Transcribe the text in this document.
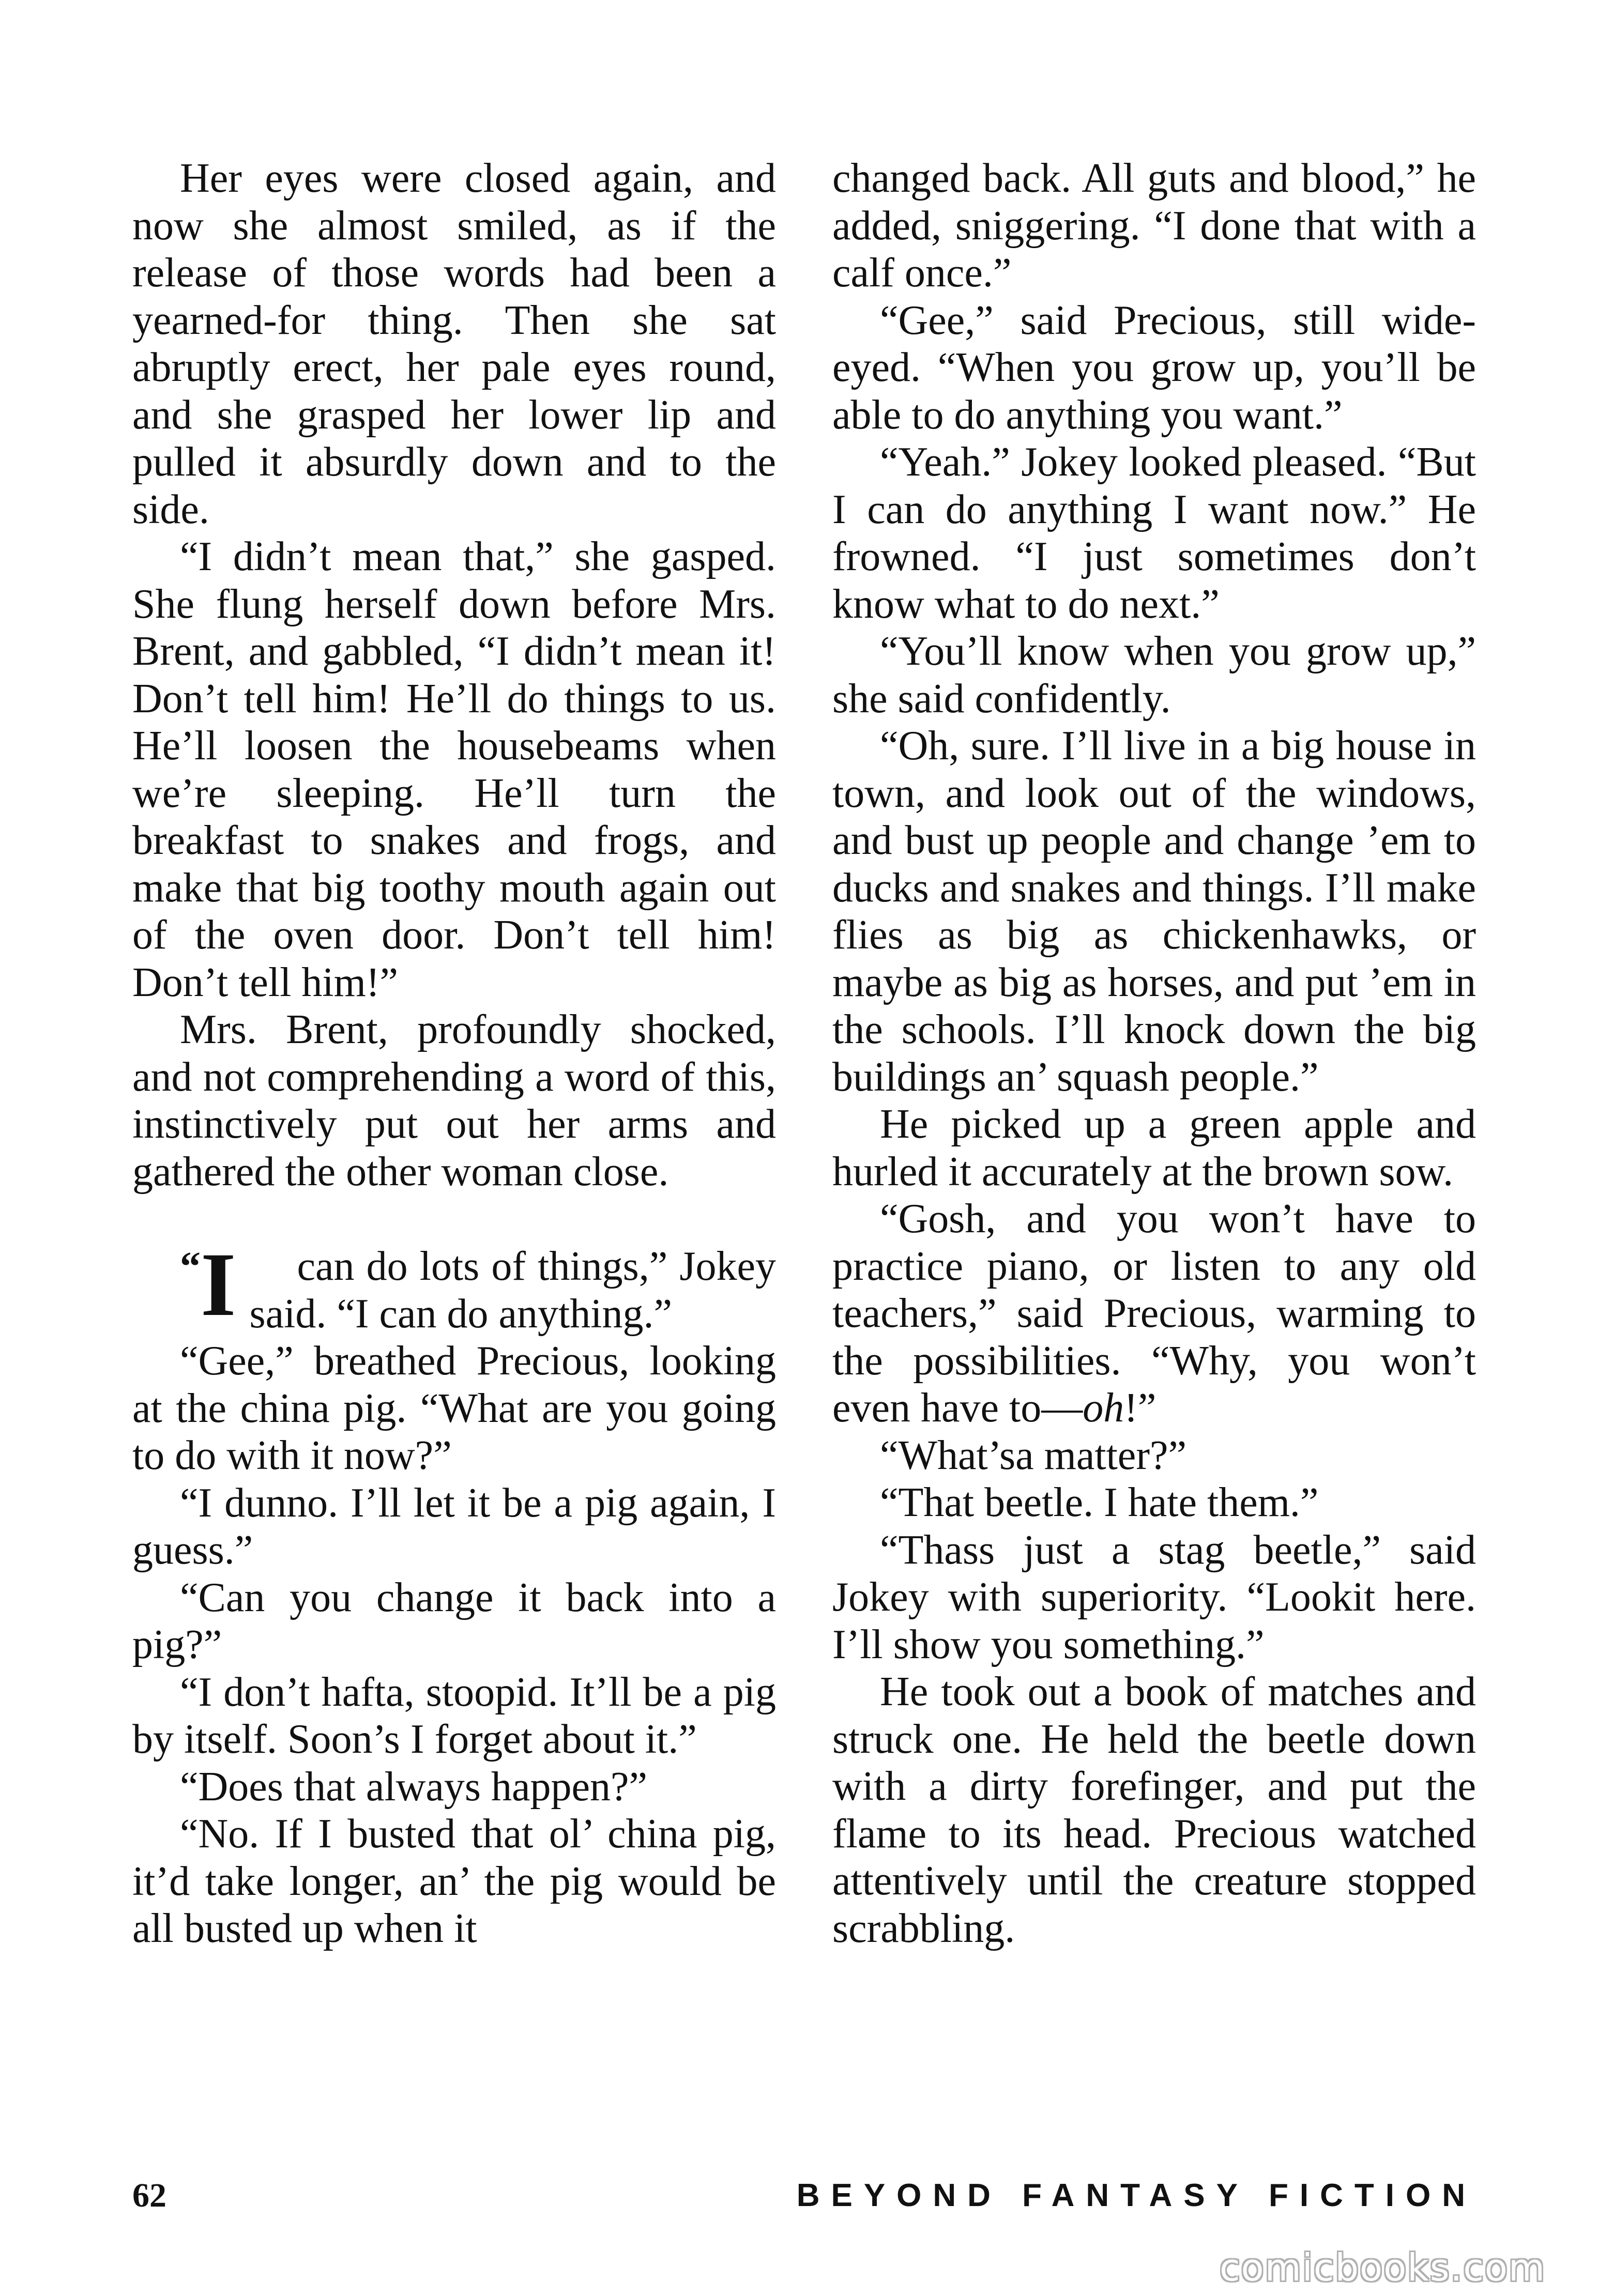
Her eyes were closed again, and now she almost smiled, as if the release of those words had been a yearned-for thing. Then she sat abruptly erect, her pale eyes round, and she grasped her lower lip and pulled it absurdly down and to the side.

“I didn’t mean that,” she gasped. She flung herself down before Mrs. Brent, and gabbled, “I didn’t mean it! Don’t tell him! He’ll do things to us. He’ll loosen the housebeams when we’re sleeping. He’ll turn the breakfast to snakes and frogs, and make that big toothy mouth again out of the oven door. Don’t tell him! Don’t tell him!”

Mrs. Brent, profoundly shocked, and not comprehending a word of this, instinctively put out her arms and gathered the other woman close.

“I	can do lots of things,” Jokey said. “I can do anything.”

“Gee,” breathed Precious, looking at the china pig. “What are you going to do with it now?”

“I dunno. I’ll let it be a pig again, I guess.”

“Can you change it back into a pig?”

“I don’t hafta, stoopid. It’ll be a pig by itself. Soon’s I forget about it.”

“Does that always happen?”

“No. If I busted that ol’ china pig, it’d take longer, an’ the pig would be all busted up when it

changed back. All guts and blood,” he added, sniggering. “I done that with a calf once.”

“Gee,” said Precious, still wide-eyed. “When you grow up, you’ll be able to do anything you want.”

“Yeah.” Jokey looked pleased. “But I can do anything I want now.” He frowned. “I just sometimes don’t know what to do next.”

“You’ll know when you grow up,” she said confidently.

“Oh, sure. I’ll live in a big house in town, and look out of the windows, and bust up people and change ’em to ducks and snakes and things. I’ll make flies as big as chickenhawks, or maybe as big as horses, and put ’em in the schools. I’ll knock down the big buildings an’ squash people.”

He picked up a green apple and hurled it accurately at the brown sow.

“Gosh, and you won’t have to practice piano, or listen to any old teachers,” said Precious, warming to the possibilities. “Why, you won’t even have to—oh!”

“What’sa matter?”

“That beetle. I hate them.”

“Thass just a stag beetle,” said Jokey with superiority. “Lookit here. I’ll show you something.”

He took out a book of matches and struck one. He held the beetle down with a dirty forefinger, and put the flame to its head. Precious watched attentively until the creature stopped scrabbling.

62	BEYOND FANTASY FICTION
comicbooks.com
